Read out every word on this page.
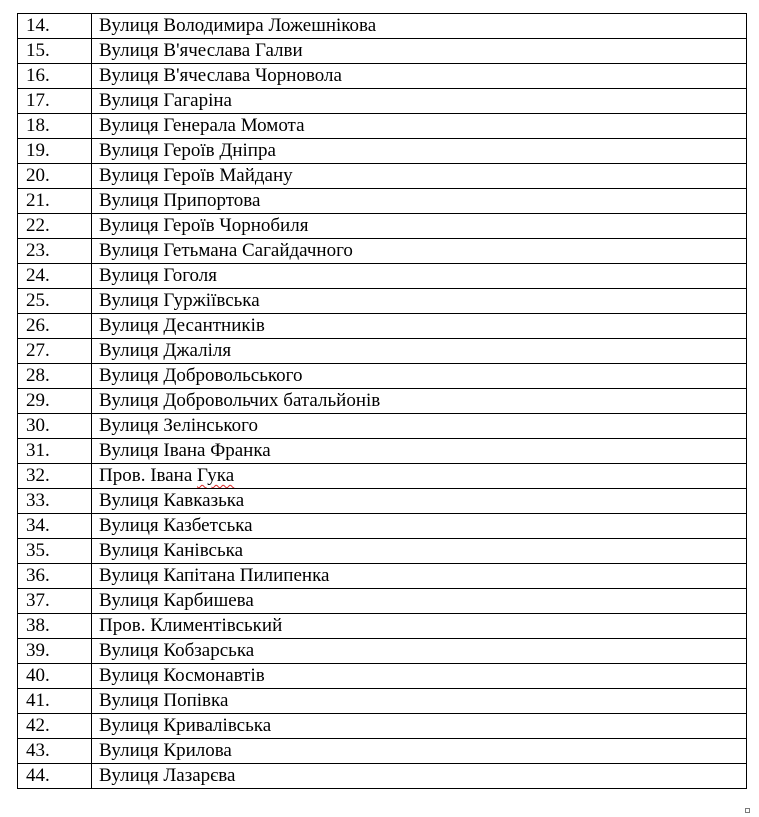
14.	Вулиця Володимира Ложешнікова
15.	Вулиця В'ячеслава Галви
16.	Вулиця В'ячеслава Чорновола
17.	Вулиця Гагаріна
18.	Вулиця Генерала Момота
19.	Вулиця Героїв Дніпра
20.	Вулиця Героїв Майдану
21.	Вулиця Припортова
22.	Вулиця Героїв Чорнобиля
23.	Вулиця Гетьмана Сагайдачного
24.	Вулиця Гоголя
25.	Вулиця Гуржіївська
26.	Вулиця Десантників
27.	Вулиця Джаліля
28.	Вулиця Добровольського
29.	Вулиця Добровольчих батальйонів
30.	Вулиця Зелінського
31.	Вулиця Івана Франка
32.	Пров. Івана Гука
33.	Вулиця Кавказька
34.	Вулиця Казбетська
35.	Вулиця Канівська
36.	Вулиця Капітана Пилипенка
37.	Вулиця Карбишева
38.	Пров. Климентівський
39.	Вулиця Кобзарська
40.	Вулиця Космонавтів
41.	Вулиця Попівка
42.	Вулиця Кривалівська
43.	Вулиця Крилова
44.	Вулиця Лазарєва
